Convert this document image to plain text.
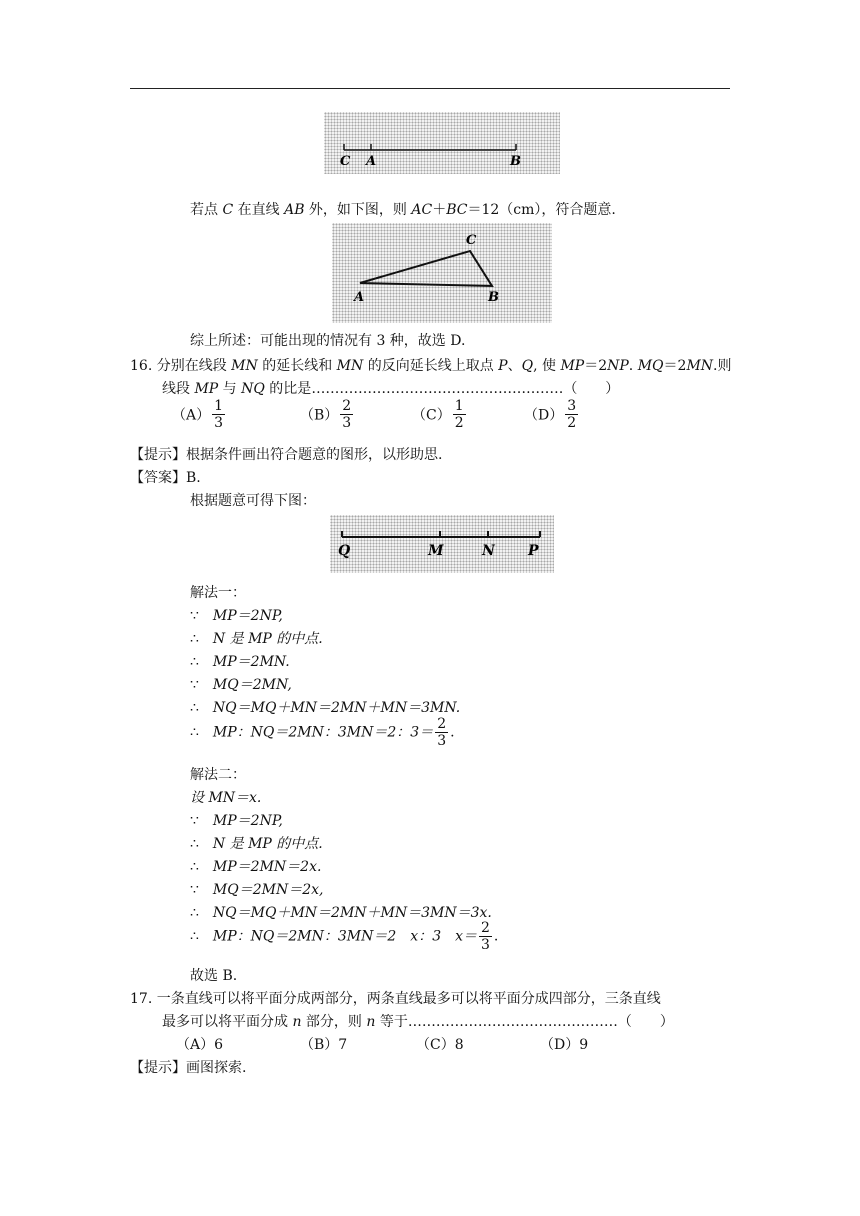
C A	B
若点 C 在直线 AB 外，如下图，则 AC＋BC＝12（cm），符合题意.
C
A	B
综上所述：可能出现的情况有 3 种，故选 D.
16. 分别在线段 MN 的延长线和 MN 的反向延长线上取点 P、Q, 使 MP＝2NP. MQ＝2MN.则
线段 MP 与 NQ 的比是………………………………………………（　　）
$(A) \frac{1}{3}$	$(B) \frac{2}{3}$	$(C) \frac{1}{2}$	$(D) \frac{3}{2}$
【提示】根据条件画出符合题意的图形，以形助思.
【答案】B.
根据题意可得下图：
Q	M	N P
解法一：
∵　 MP＝2NP,
∴　 N 是 MP 的中点.
∴　 MP＝2MN.
∵　 MQ＝2MN,
∴　 NQ＝MQ＋MN＝2MN＋MN＝3MN.
∴　 MP：NQ＝2MN：3MN＝2：$3= \frac{2}{3}$ .
解法二：
设 MN＝x.
∵　 MP＝2NP,
∴　 N 是 MP 的中点.
∴　 MP＝2MN＝2x.
∵　 MQ＝2MN＝2x,
∴　 NQ＝MQ＋MN＝2MN＋MN＝3MN＝3x.
∴　 MP：NQ＝2MN：3MN＝2　x：3　$x= \frac{2}{3}$ .
故选 B.
17. 一条直线可以将平面分成两部分，两条直线最多可以将平面分成四部分，三条直线
最多可以将平面分成 n 部分，则 n 等于………………………………………（　　）
（A）6	（B）7	（C）8	（D）9
【提示】画图探索.
